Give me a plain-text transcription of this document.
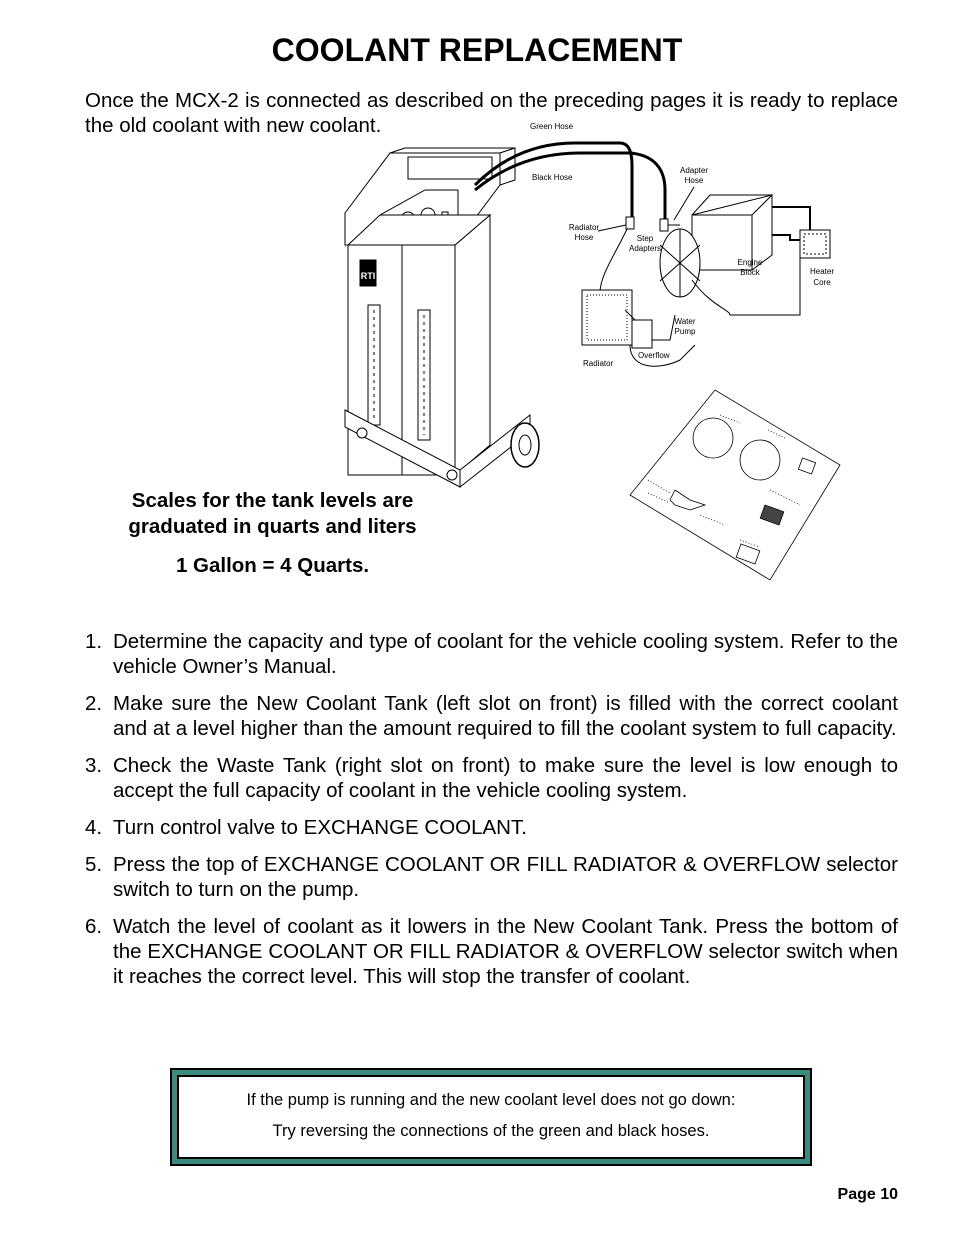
COOLANT REPLACEMENT

Once the MCX-2 is connected as described on the preceding pages it is ready to replace the old coolant with new coolant.

RTI
Green Hose
Black Hose
Adapter
Hose
Radiator
Hose	Step
Adapters
Engine
Block	Heater
Core
Water
Pump
Overflow
Radiator

Scales for the tank levels are
graduated in quarts and liters

1 Gallon = 4 Quarts.

1. Determine the capacity and type of coolant for the vehicle cooling system. Refer to the vehicle Owner’s Manual.
2. Make sure the New Coolant Tank (left slot on front) is filled with the correct coolant and at a level higher than the amount required to fill the coolant system to full capacity.
3. Check the Waste Tank (right slot on front) to make sure the level is low enough to accept the full capacity of coolant in the vehicle cooling system.
4. Turn control valve to EXCHANGE COOLANT.
5. Press the top of EXCHANGE COOLANT OR FILL RADIATOR & OVERFLOW selector switch to turn on the pump.
6. Watch the level of coolant as it lowers in the New Coolant Tank. Press the bottom of the EXCHANGE COOLANT OR FILL RADIATOR & OVERFLOW selector switch when it reaches the correct level. This will stop the transfer of coolant.

If the pump is running and the new coolant level does not go down:

Try reversing the connections of the green and black hoses.

Page 10
